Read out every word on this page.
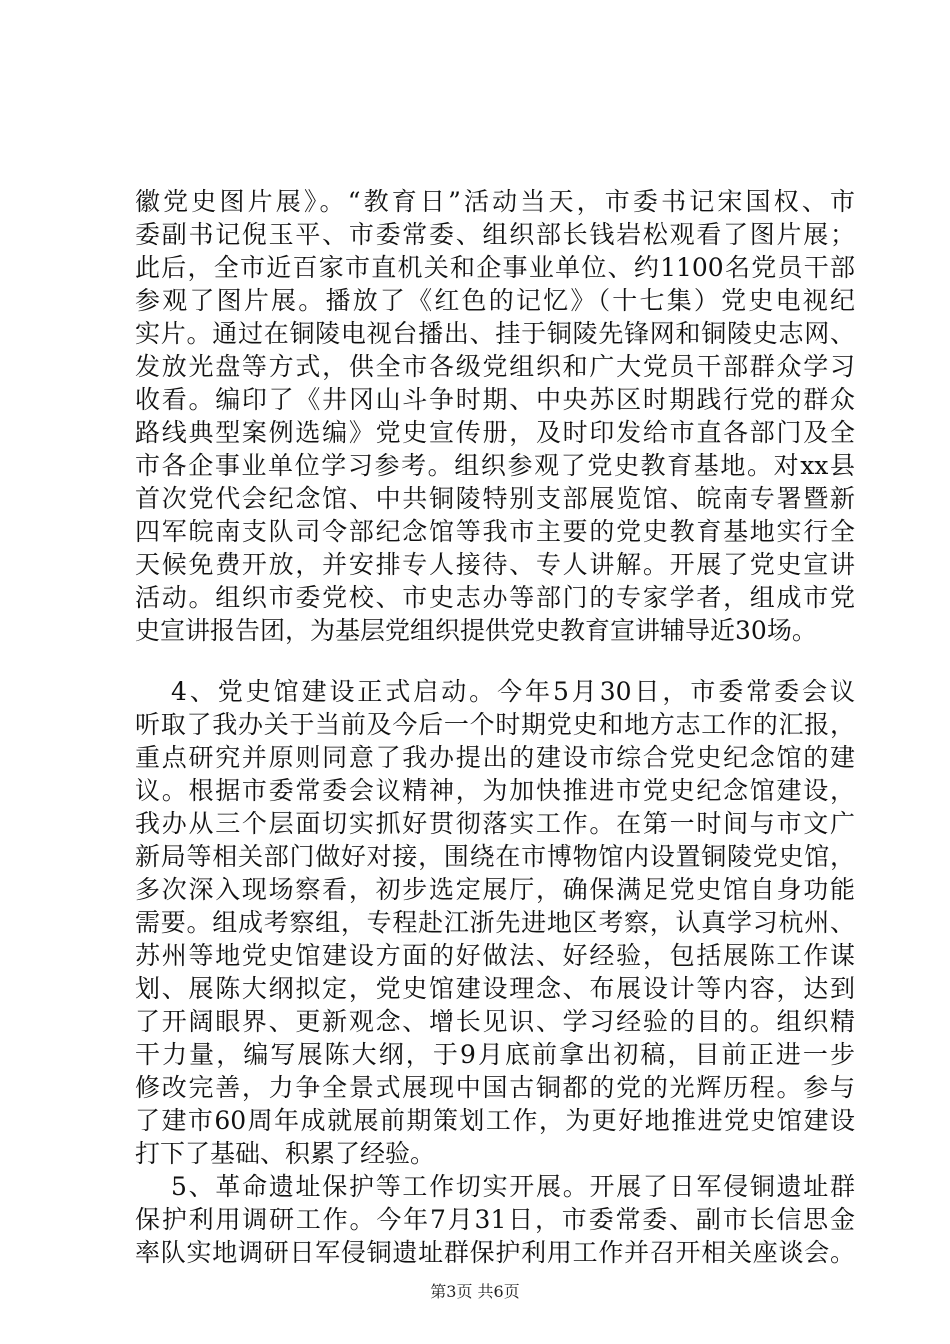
徽党史图片展》。“教育日”活动当天，市委书记宋国权、市
委副书记倪玉平、市委常委、组织部长钱岩松观看了图片展；
此后，全市近百家市直机关和企事业单位、约1100名党员干部
参观了图片展。播放了《红色的记忆》（十七集）党史电视纪
实片。通过在铜陵电视台播出、挂于铜陵先锋网和铜陵史志网、
发放光盘等方式，供全市各级党组织和广大党员干部群众学习
收看。编印了《井冈山斗争时期、中央苏区时期践行党的群众
路线典型案例选编》党史宣传册，及时印发给市直各部门及全
市各企事业单位学习参考。组织参观了党史教育基地。对xx县
首次党代会纪念馆、中共铜陵特别支部展览馆、皖南专署暨新
四军皖南支队司令部纪念馆等我市主要的党史教育基地实行全
天候免费开放，并安排专人接待、专人讲解。开展了党史宣讲
活动。组织市委党校、市史志办等部门的专家学者，组成市党
史宣讲报告团，为基层党组织提供党史教育宣讲辅导近30场。
4、党史馆建设正式启动。今年5月30日，市委常委会议
听取了我办关于当前及今后一个时期党史和地方志工作的汇报，
重点研究并原则同意了我办提出的建设市综合党史纪念馆的建
议。根据市委常委会议精神，为加快推进市党史纪念馆建设，
我办从三个层面切实抓好贯彻落实工作。在第一时间与市文广
新局等相关部门做好对接，围绕在市博物馆内设置铜陵党史馆，
多次深入现场察看，初步选定展厅，确保满足党史馆自身功能
需要。组成考察组，专程赴江浙先进地区考察，认真学习杭州、
苏州等地党史馆建设方面的好做法、好经验，包括展陈工作谋
划、展陈大纲拟定，党史馆建设理念、布展设计等内容，达到
了开阔眼界、更新观念、增长见识、学习经验的目的。组织精
干力量，编写展陈大纲，于9月底前拿出初稿，目前正进一步
修改完善，力争全景式展现中国古铜都的党的光辉历程。参与
了建市60周年成就展前期策划工作，为更好地推进党史馆建设
打下了基础、积累了经验。
5、革命遗址保护等工作切实开展。开展了日军侵铜遗址群
保护利用调研工作。今年7月31日，市委常委、副市长信思金
第3页 共6页
率队实地调研日军侵铜遗址群保护利用工作并召开相关座谈会。
